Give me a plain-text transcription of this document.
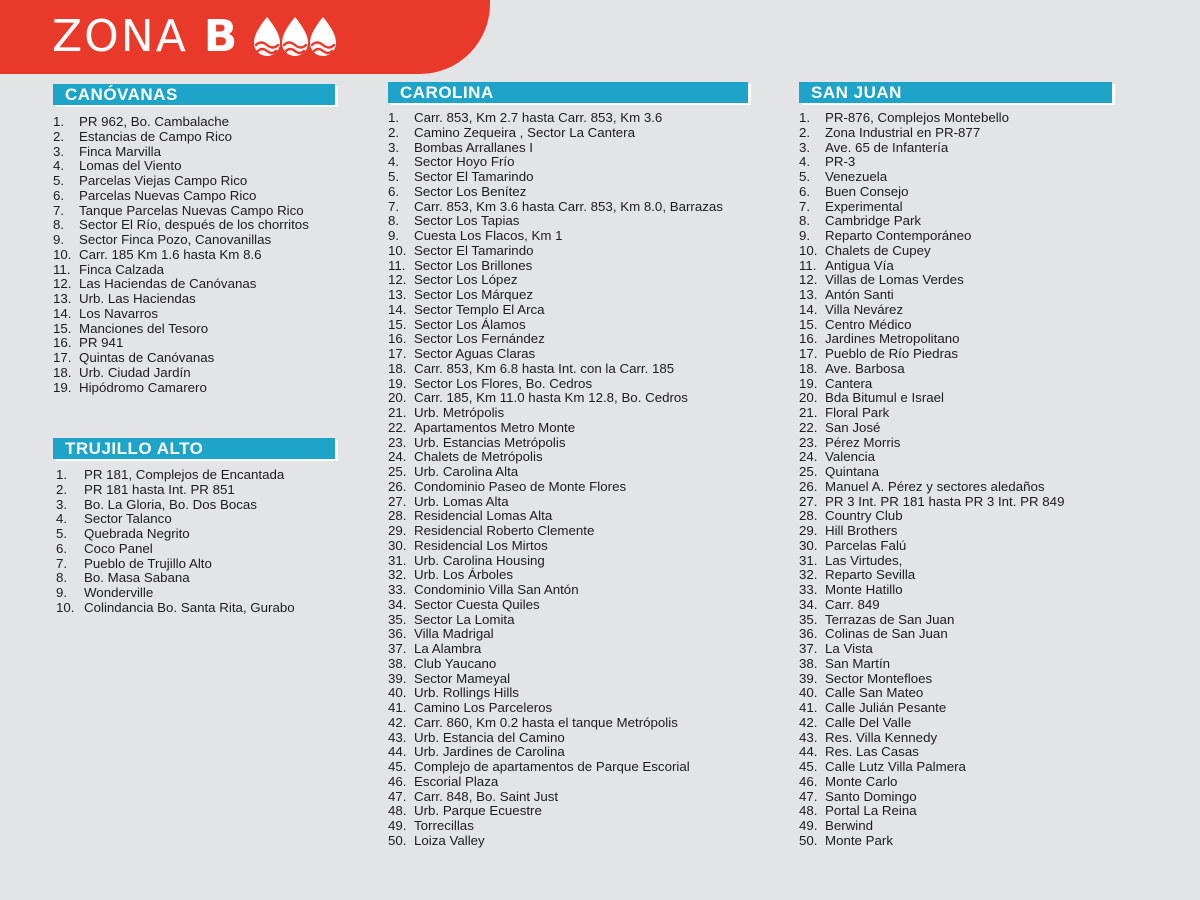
ZONA B
CANÓVANAS
1.	PR 962, Bo. Cambalache
2.	Estancias de Campo Rico
3.	Finca Marvilla
4.	Lomas del Viento
5.	Parcelas Viejas Campo Rico
6.	Parcelas Nuevas Campo Rico
7.	Tanque Parcelas Nuevas Campo Rico
8.	Sector El Río, después de los chorritos
9.	Sector Finca Pozo, Canovanillas
10. Carr. 185 Km 1.6 hasta Km 8.6
11. Finca Calzada
12. Las Haciendas de Canóvanas
13. Urb. Las Haciendas
14. Los Navarros
15. Manciones del Tesoro
16. PR 941
17. Quintas de Canóvanas
18. Urb. Ciudad Jardín
19. Hipódromo Camarero
TRUJILLO ALTO
1.	PR 181, Complejos de Encantada
2.	PR 181 hasta Int. PR 851
3.	Bo. La Gloria, Bo. Dos Bocas
4.	Sector Talanco
5.	Quebrada Negrito
6.	Coco Panel
7.	Pueblo de Trujillo Alto
8.	Bo. Masa Sabana
9.	Wonderville
10. Colindancia Bo. Santa Rita, Gurabo
CAROLINA
1.	Carr. 853, Km 2.7 hasta Carr. 853, Km 3.6
2.	Camino Zequeira , Sector La Cantera
3.	Bombas Arrallanes I
4.	Sector Hoyo Frío
5.	Sector El Tamarindo
6.	Sector Los Benítez
7.	Carr. 853, Km 3.6 hasta Carr. 853, Km 8.0, Barrazas
8.	Sector Los Tapias
9.	Cuesta Los Flacos, Km 1
10. Sector El Tamarindo
11. Sector Los Brillones
12. Sector Los López
13. Sector Los Márquez
14. Sector Templo El Arca
15. Sector Los Álamos
16. Sector Los Fernández
17. Sector Aguas Claras
18. Carr. 853, Km 6.8 hasta Int. con la Carr. 185
19. Sector Los Flores, Bo. Cedros
20. Carr. 185, Km 11.0 hasta Km 12.8, Bo. Cedros
21. Urb. Metrópolis
22. Apartamentos Metro Monte
23. Urb. Estancias Metrópolis
24. Chalets de Metrópolis
25. Urb. Carolina Alta
26. Condominio Paseo de Monte Flores
27. Urb. Lomas Alta
28. Residencial Lomas Alta
29. Residencial Roberto Clemente
30. Residencial Los Mirtos
31. Urb. Carolina Housing
32. Urb. Los Árboles
33. Condominio Villa San Antón
34. Sector Cuesta Quiles
35. Sector La Lomita
36. Villa Madrigal
37. La Alambra
38. Club Yaucano
39. Sector Mameyal
40. Urb. Rollings Hills
41. Camino Los Parceleros
42. Carr. 860, Km 0.2 hasta el tanque Metrópolis
43. Urb. Estancia del Camino
44. Urb. Jardines de Carolina
45. Complejo de apartamentos de Parque Escorial
46. Escorial Plaza
47. Carr. 848, Bo. Saint Just
48. Urb. Parque Ecuestre
49. Torrecillas
50. Loiza Valley
SAN JUAN
1.	PR-876, Complejos Montebello
2.	Zona Industrial en PR-877
3.	Ave. 65 de Infantería
4.	PR-3
5.	Venezuela
6.	Buen Consejo
7.	Experimental
8.	Cambridge Park
9.	Reparto Contemporáneo
10. Chalets de Cupey
11. Antigua Vía
12. Villas de Lomas Verdes
13. Antón Santi
14. Villa Nevárez
15. Centro Médico
16. Jardines Metropolitano
17. Pueblo de Río Piedras
18. Ave. Barbosa
19. Cantera
20. Bda Bitumul e Israel
21. Floral Park
22. San José
23. Pérez Morris
24. Valencia
25. Quintana
26. Manuel A. Pérez y sectores aledaños
27. PR 3 Int. PR 181 hasta PR 3 Int. PR 849
28. Country Club
29. Hill Brothers
30. Parcelas Falú
31. Las Virtudes,
32. Reparto Sevilla
33. Monte Hatillo
34. Carr. 849
35. Terrazas de San Juan
36. Colinas de San Juan
37. La Vista
38. San Martín
39. Sector Montefloes
40. Calle San Mateo
41. Calle Julián Pesante
42. Calle Del Valle
43. Res. Villa Kennedy
44. Res. Las Casas
45. Calle Lutz Villa Palmera
46. Monte Carlo
47. Santo Domingo
48. Portal La Reina
49. Berwind
50. Monte Park
